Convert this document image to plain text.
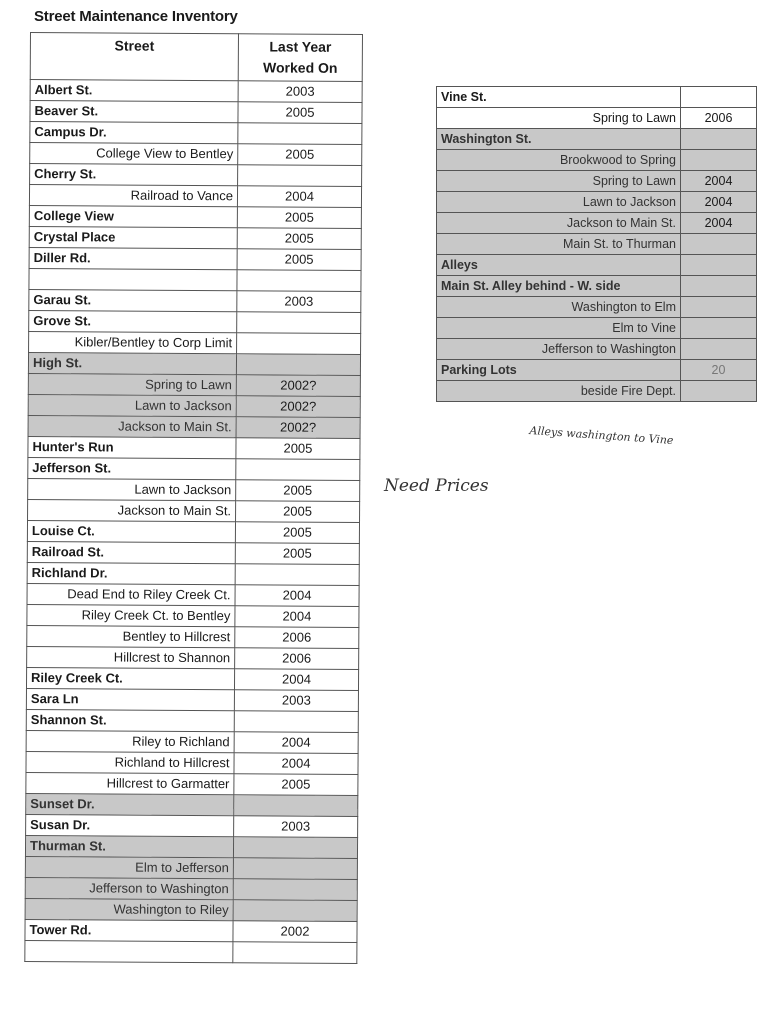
Street Maintenance Inventory
Street	Last Year Worked On
Albert St.	2003
Beaver St.	2005
Campus Dr.	
College View to Bentley	2005
Cherry St.	
Railroad to Vance	2004
College View	2005
Crystal Place	2005
Diller Rd.	2005

Garau St.	2003
Grove St.	
Kibler/Bentley to Corp Limit	
High St.	
Spring to Lawn	2002?
Lawn to Jackson	2002?
Jackson to Main St.	2002?
Hunter's Run	2005
Jefferson St.	
Lawn to Jackson	2005
Jackson to Main St.	2005
Louise Ct.	2005
Railroad St.	2005
Richland Dr.	
Dead End to Riley Creek Ct.	2004
Riley Creek Ct. to Bentley	2004
Bentley to Hillcrest	2006
Hillcrest to Shannon	2006
Riley Creek Ct.	2004
Sara Ln	2003
Shannon St.	
Riley to Richland	2004
Richland to Hillcrest	2004
Hillcrest to Garmatter	2005
Sunset Dr.	
Susan Dr.	2003
Thurman St.	
Elm to Jefferson	
Jefferson to Washington	
Washington to Riley	
Tower Rd.	2002

Vine St.	
Spring to Lawn	2006
Washington St.	
Brookwood to Spring	
Spring to Lawn	2004
Lawn to Jackson	2004
Jackson to Main St.	2004
Main St. to Thurman	
Alleys	
Main St. Alley behind - W. side	
Washington to Elm	
Elm to Vine	
Jefferson to Washington	
Parking Lots	20
beside Fire Dept.	
Alleys washington to Vine
Need Prices
